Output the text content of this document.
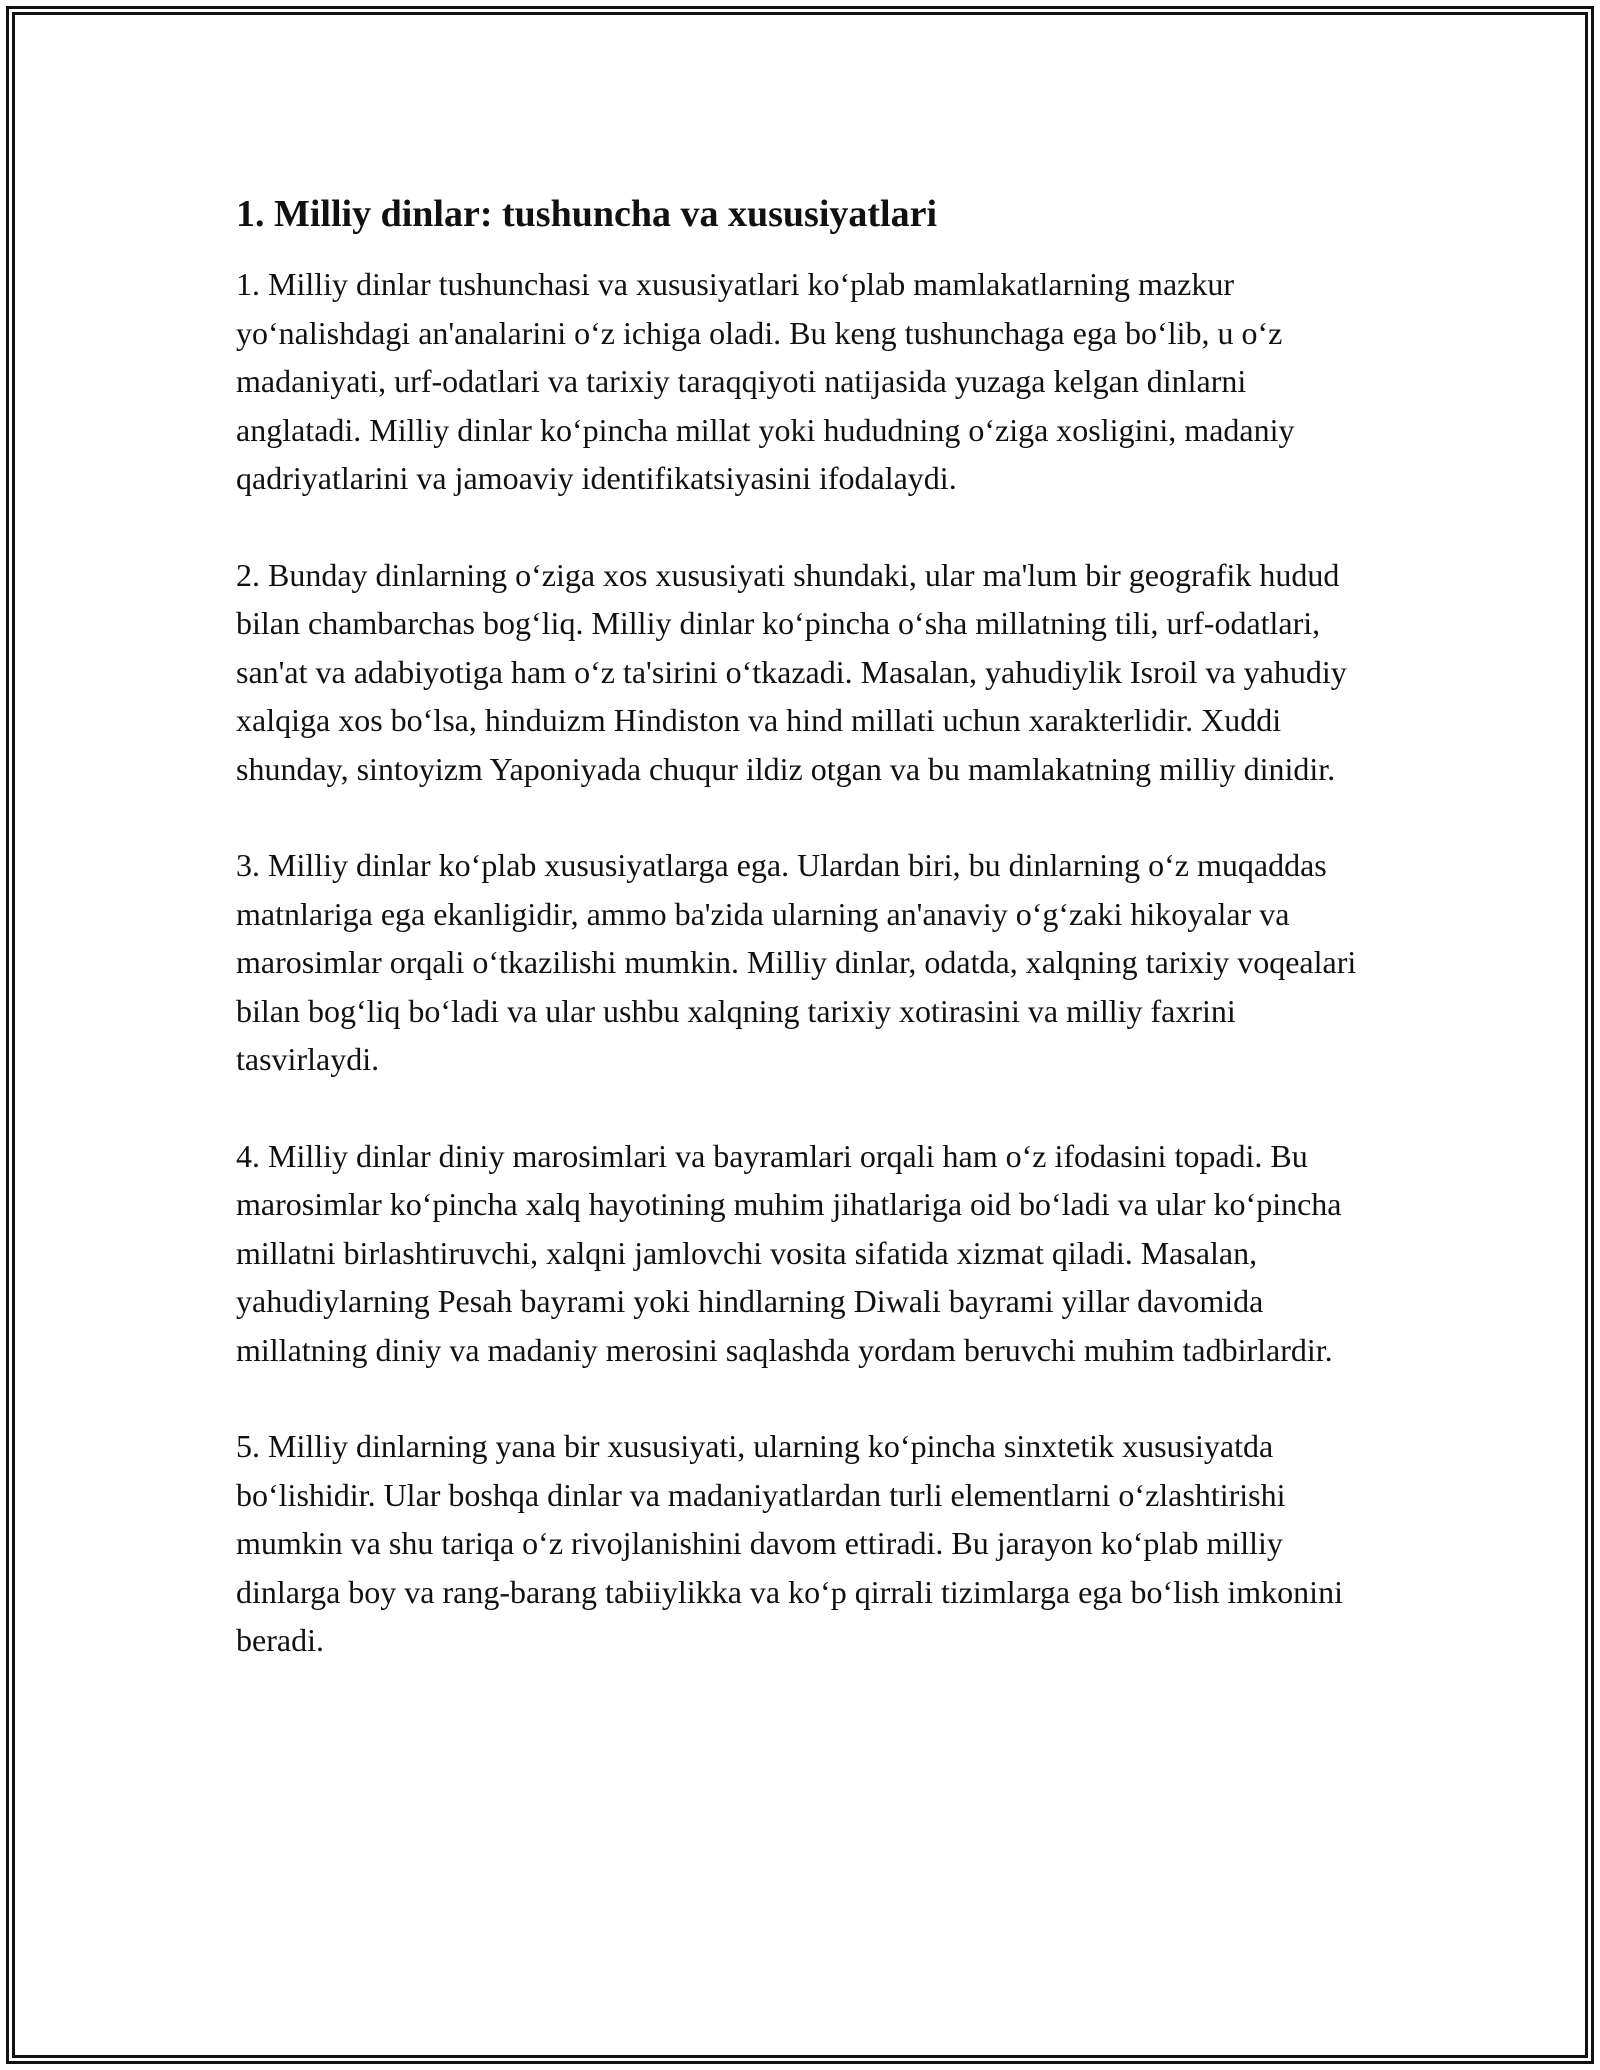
1. Milliy dinlar: tushuncha va xususiyatlari

1. Milliy dinlar tushunchasi va xususiyatlari ko‘plab mamlakatlarning mazkur yo‘nalishdagi an'analarini o‘z ichiga oladi. Bu keng tushunchaga ega bo‘lib, u o‘z madaniyati, urf-odatlari va tarixiy taraqqiyoti natijasida yuzaga kelgan dinlarni anglatadi. Milliy dinlar ko‘pincha millat yoki hududning o‘ziga xosligini, madaniy qadriyatlarini va jamoaviy identifikatsiyasini ifodalaydi.

2. Bunday dinlarning o‘ziga xos xususiyati shundaki, ular ma'lum bir geografik hudud bilan chambarchas bog‘liq. Milliy dinlar ko‘pincha o‘sha millatning tili, urf-odatlari, san'at va adabiyotiga ham o‘z ta'sirini o‘tkazadi. Masalan, yahudiylik Isroil va yahudiy xalqiga xos bo‘lsa, hinduizm Hindiston va hind millati uchun xarakterlidir. Xuddi shunday, sintoyizm Yaponiyada chuqur ildiz otgan va bu mamlakatning milliy dinidir.

3. Milliy dinlar ko‘plab xususiyatlarga ega. Ulardan biri, bu dinlarning o‘z muqaddas matnlariga ega ekanligidir, ammo ba'zida ularning an'anaviy o‘g‘zaki hikoyalar va marosimlar orqali o‘tkazilishi mumkin. Milliy dinlar, odatda, xalqning tarixiy voqealari bilan bog‘liq bo‘ladi va ular ushbu xalqning tarixiy xotirasini va milliy faxrini tasvirlaydi.

4. Milliy dinlar diniy marosimlari va bayramlari orqali ham o‘z ifodasini topadi. Bu marosimlar ko‘pincha xalq hayotining muhim jihatlariga oid bo‘ladi va ular ko‘pincha millatni birlashtiruvchi, xalqni jamlovchi vosita sifatida xizmat qiladi. Masalan, yahudiylarning Pesah bayrami yoki hindlarning Diwali bayrami yillar davomida millatning diniy va madaniy merosini saqlashda yordam beruvchi muhim tadbirlardir.

5. Milliy dinlarning yana bir xususiyati, ularning ko‘pincha sinxtetik xususiyatda bo‘lishidir. Ular boshqa dinlar va madaniyatlardan turli elementlarni o‘zlashtirishi mumkin va shu tariqa o‘z rivojlanishini davom ettiradi. Bu jarayon ko‘plab milliy dinlarga boy va rang-barang tabiiylikka va ko‘p qirrali tizimlarga ega bo‘lish imkonini beradi.
